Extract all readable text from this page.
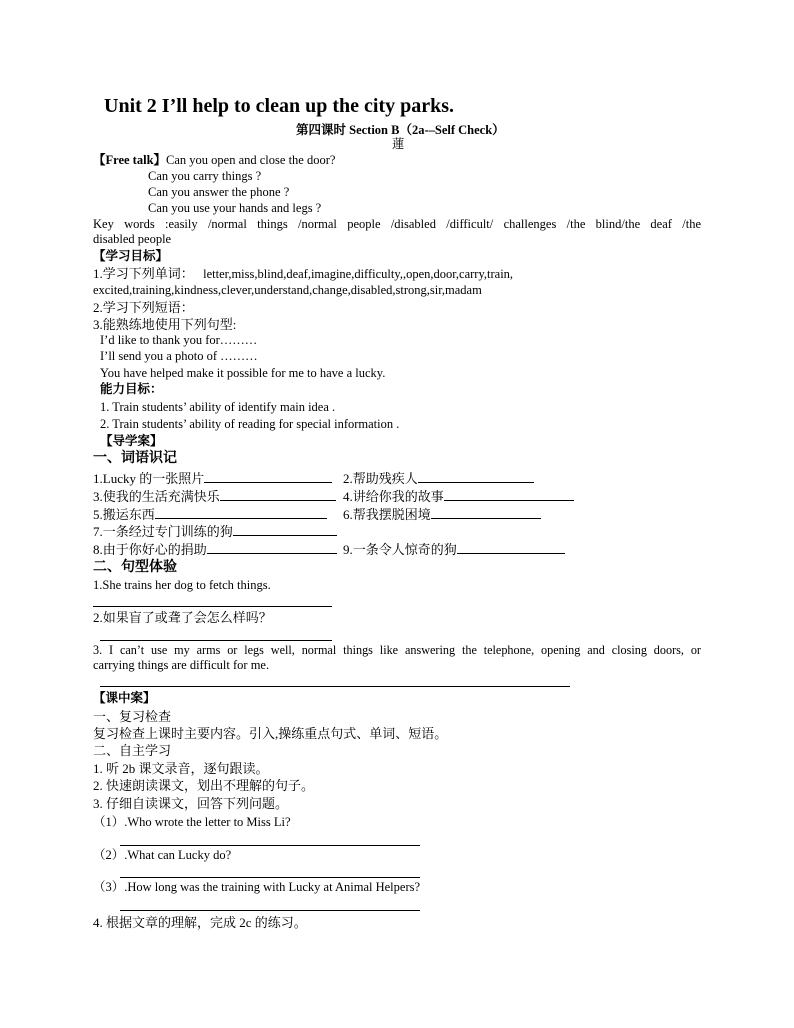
Unit 2 I’ll help to clean up the city parks.
第四课时 Section B（2a-–Self Check）
蓮
【Free talk】Can you open and close the door?
Can you carry things ?
Can you answer the phone ?
Can you use your hands and legs ?
Key words :easily /normal things /normal people /disabled /difficult/ challenges /the blind/the deaf /the
disabled people
【学习目标】
1.学习下列单词： letter,miss,blind,deaf,imagine,difficulty,,open,door,carry,train,
excited,training,kindness,clever,understand,change,disabled,strong,sir,madam
2.学习下列短语：
3.能熟练地使用下列句型:
I’d like to thank you for………
I’ll send you a photo of ………
You have helped make it possible for me to have a lucky.
能力目标：
1. Train students’ ability of identify main idea .
2. Train students’ ability of reading for special information .
【导学案】
一、词语识记
1.Lucky 的一张照片	2.帮助残疾人
3.使我的生活充满快乐	4.讲给你我的故事
5.搬运东西	6.帮我摆脱困境
7.一条经过专门训练的狗
8.由于你好心的捐助	9.一条令人惊奇的狗
二、句型体验
1.She trains her dog to fetch things.
2.如果盲了或聋了会怎么样吗？
3. I can’t use my arms or legs well, normal things like answering the telephone, opening and closing doors, or
carrying things are difficult for me.
【课中案】
一、复习检查
复习检查上课时主要内容。引入,操练重点句式、单词、短语。
二、自主学习
1. 听 2b 课文录音，逐句跟读。
2. 快速朗读课文，划出不理解的句子。
3. 仔细自读课文，回答下列问题。
（1）.Who wrote the letter to Miss Li?
（2）.What can Lucky do?
（3）.How long was the training with Lucky at Animal Helpers?
4. 根据文章的理解，完成 2c 的练习。
